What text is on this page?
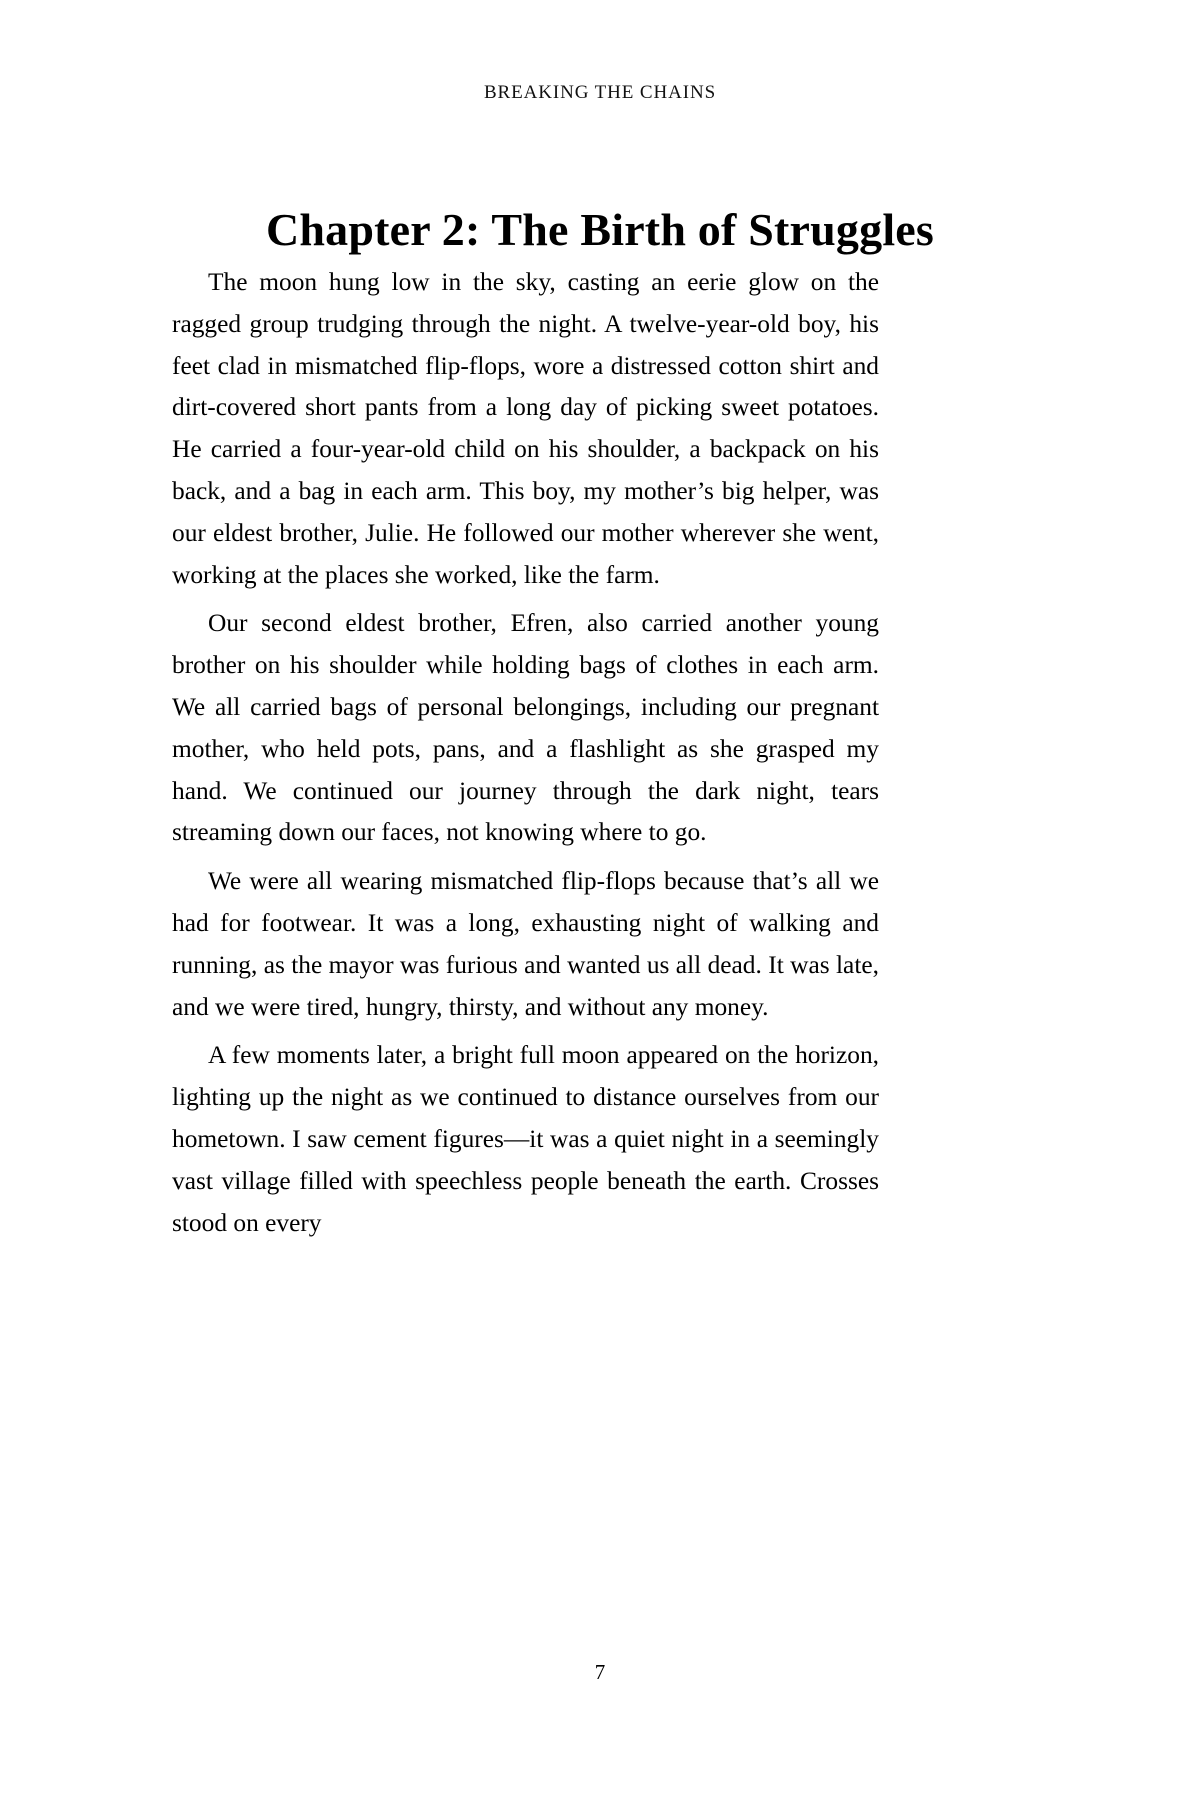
BREAKING THE CHAINS
Chapter 2: The Birth of Struggles

The moon hung low in the sky, casting an eerie glow on the ragged group trudging through the night. A twelve-year-old boy, his feet clad in mismatched flip-flops, wore a distressed cotton shirt and dirt-covered short pants from a long day of picking sweet potatoes. He carried a four-year-old child on his shoulder, a backpack on his back, and a bag in each arm. This boy, my mother’s big helper, was our eldest brother, Julie. He followed our mother wherever she went, working at the places she worked, like the farm.

Our second eldest brother, Efren, also carried another young brother on his shoulder while holding bags of clothes in each arm. We all carried bags of personal belongings, including our pregnant mother, who held pots, pans, and a flashlight as she grasped my hand. We continued our journey through the dark night, tears streaming down our faces, not knowing where to go.

We were all wearing mismatched flip-flops because that’s all we had for footwear. It was a long, exhausting night of walking and running, as the mayor was furious and wanted us all dead. It was late, and we were tired, hungry, thirsty, and without any money.

A few moments later, a bright full moon appeared on the horizon, lighting up the night as we continued to distance ourselves from our hometown. I saw cement figures—it was a quiet night in a seemingly vast village filled with speechless people beneath the earth. Crosses stood on every

7
